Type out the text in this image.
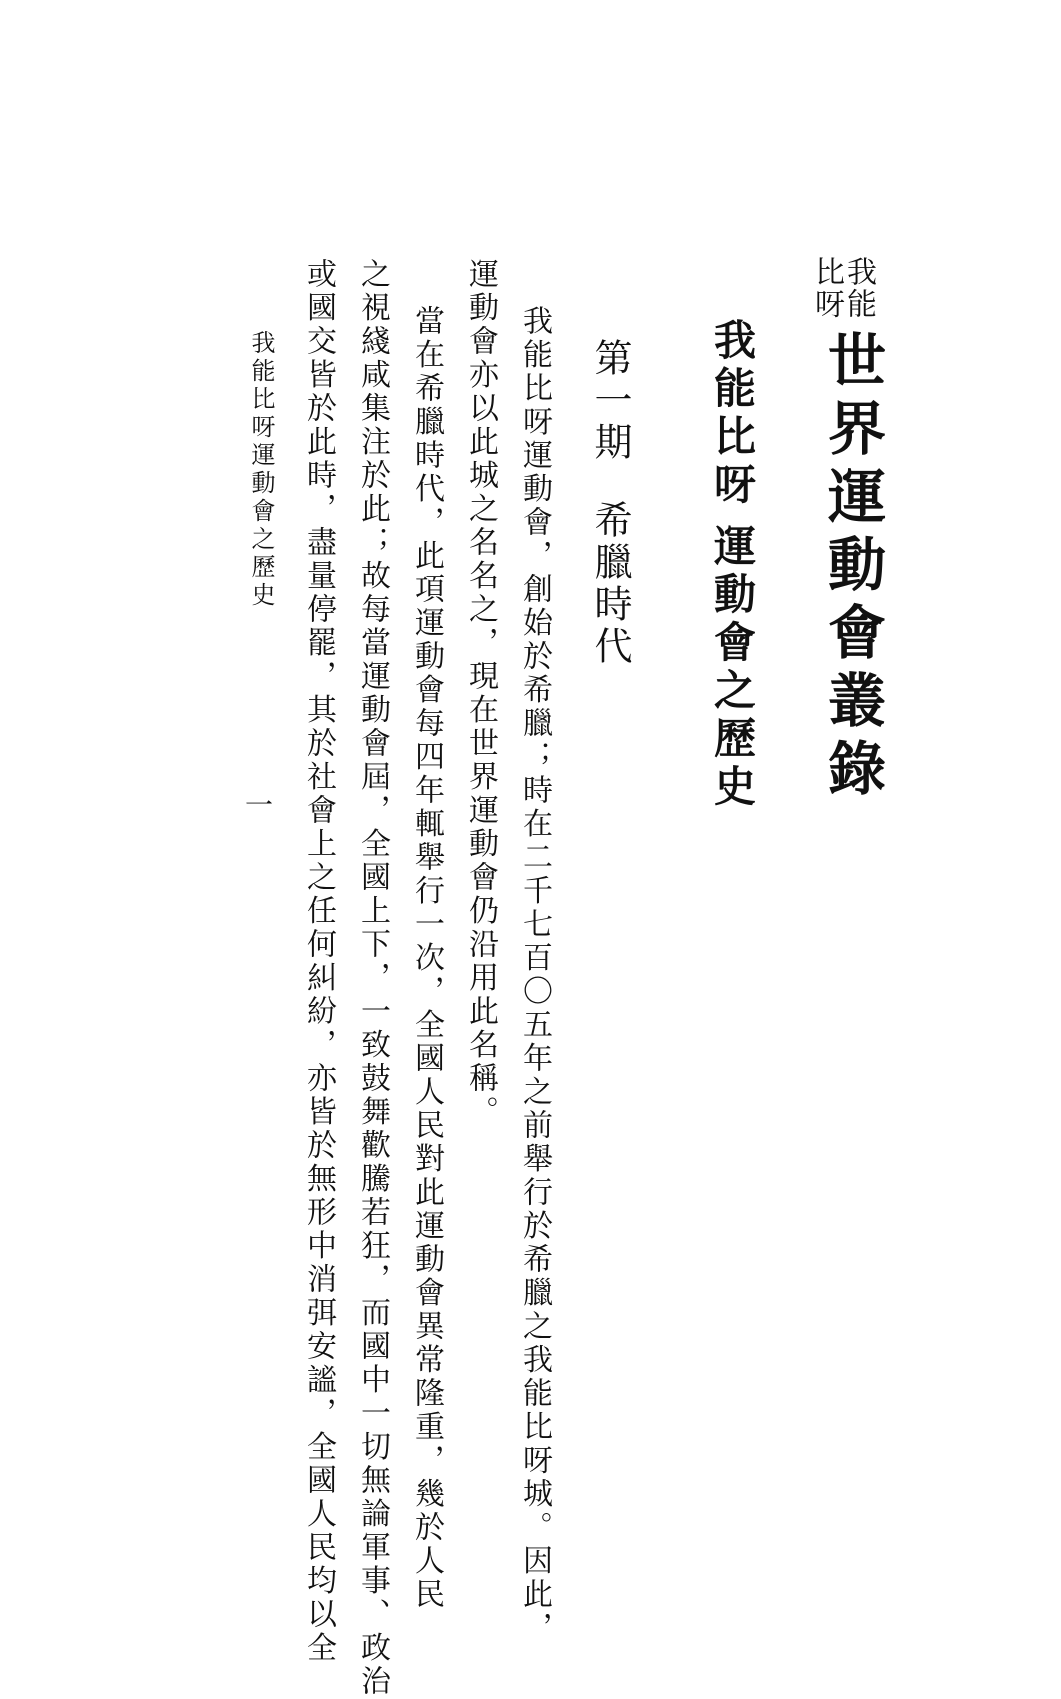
我能
比呀
世界運動會叢錄
我能比呀運動會之歷史
第一期希臘時代
我能比呀運動會，創始於希臘；時在二千七百〇五年之前舉行於希臘之我能比呀城。因此，
運動會亦以此城之名名之，現在世界運動會仍沿用此名稱。
當在希臘時代，此項運動會每四年輒舉行一次，全國人民對此運動會異常隆重，幾於人民
之視綫咸集注於此；故每當運動會屆，全國上下，一致鼓舞歡騰若狂，而國中一切無論軍事、政治
或國交皆於此時，盡量停罷，其於社會上之任何糾紛，亦皆於無形中消弭安謐，全國人民均以全
我能比呀運動會之歷史
一
